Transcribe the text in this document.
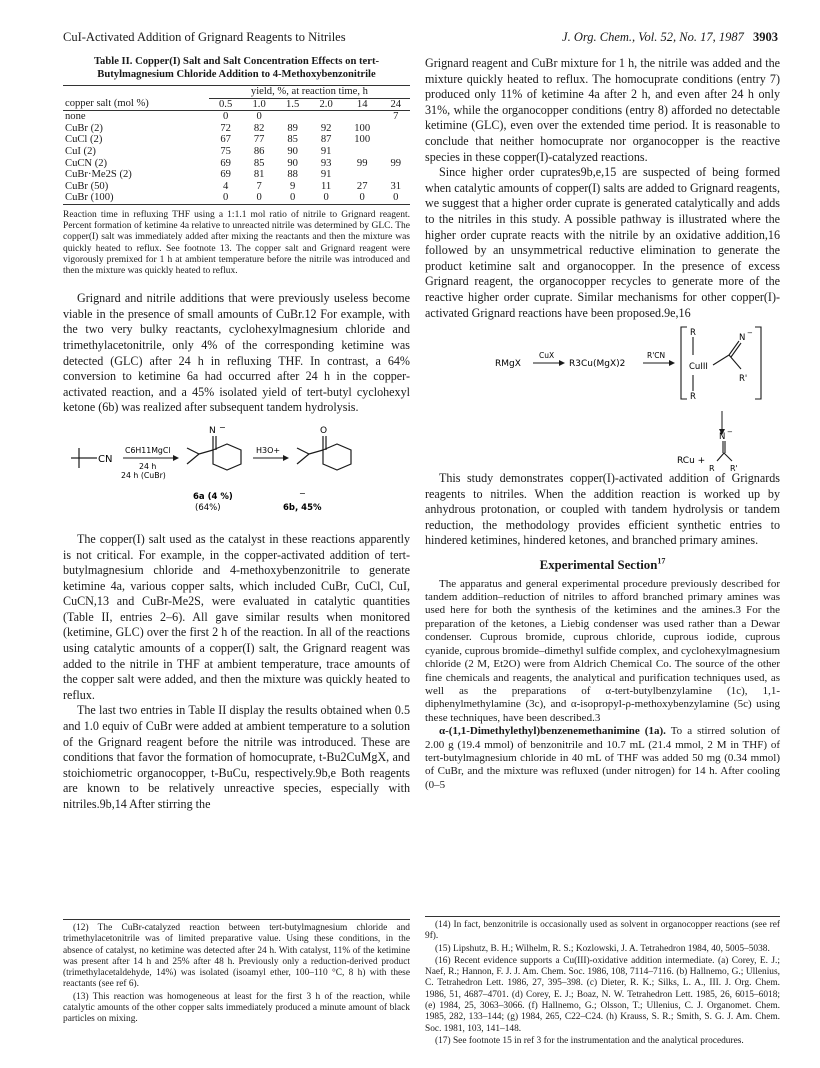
CuI-Activated Addition of Grignard Reagents to Nitriles	J. Org. Chem., Vol. 52, No. 17, 1987 3903
Table II. Copper(I) Salt and Salt Concentration Effects on tert-Butylmagnesium Chloride Addition to 4-Methoxybenzonitrile
	yield, %, at reaction time, h					
copper salt (mol %)	0.5	1.0	1.5	2.0	14	24
none	0	0				7
CuBr (2)	72	82	89	92	100	
CuCl (2)	67	77	85	87	100	
CuI (2)	75	86	90	91		
CuCN (2)	69	85	90	93	99	99
CuBr·Me2S (2)	69	81	88	91		
CuBr (50)	4	7	9	11	27	31
CuBr (100)	0	0	0	0	0	0
Reaction time in refluxing THF using a 1:1.1 mol ratio of nitrile to Grignard reagent. Percent formation of ketimine 4a relative to unreacted nitrile was determined by GLC. The copper(I) salt was immediately added after mixing the reactants and then the mixture was quickly heated to reflux. See footnote 13. The copper salt and Grignard reagent were vigorously premixed for 1 h at ambient temperature before the nitrile was introduced and then the mixture was quickly heated to reflux.

Grignard and nitrile additions that were previously useless become viable in the presence of small amounts of CuBr.12 For example, with the two very bulky reactants, cyclohexylmagnesium chloride and trimethylacetonitrile, only 4% of the corresponding ketimine was detected (GLC) after 24 h in refluxing THF. In contrast, a 64% conversion to ketimine 6a had occurred after 24 h in the copper-activated reaction, and a 45% isolated yield of tert-butyl cyclohexyl ketone (6b) was realized after subsequent tandem hydrolysis.

CN
C6H11MgCl
24 h
24 h (CuBr)
N −
H3O+
O
6a (4 %)
(64%)	6b, 45%
−

The copper(I) salt used as the catalyst in these reactions apparently is not critical. For example, in the copper-activated addition of tert-butylmagnesium chloride and 4-methoxybenzonitrile to generate ketimine 4a, various copper salts, which included CuBr, CuCl, CuI, CuCN,13 and CuBr-Me2S, were evaluated in catalytic quantities (Table II, entries 2–6). All gave similar results when monitored (ketimine, GLC) over the first 2 h of the reaction. In all of the reactions using catalytic amounts of a copper(I) salt, the Grignard reagent was added to the nitrile in THF at ambient temperature, trace amounts of the copper salt were added, and then the mixture was quickly heated to reflux.

The last two entries in Table II display the results obtained when 0.5 and 1.0 equiv of CuBr were added at ambient temperature to a solution of the Grignard reagent before the nitrile was introduced. These are conditions that favor the formation of homocuprate, t-Bu2CuMgX, and stoichiometric organocopper, t-BuCu, respectively.9b,e Both reagents are known to be relatively unreactive species, especially with nitriles.9b,14 After stirring the

Grignard reagent and CuBr mixture for 1 h, the nitrile was added and the mixture quickly heated to reflux. The homocuprate conditions (entry 7) produced only 11% of ketimine 4a after 2 h, and even after 24 h only 31%, while the organocopper conditions (entry 8) afforded no detectable ketimine (GLC), even over the extended time period. It is reasonable to conclude that neither homocuprate nor organocopper is the reactive species in these copper(I)-catalyzed reactions.

Since higher order cuprates9b,e,15 are suspected of being formed when catalytic amounts of copper(I) salts are added to Grignard reagents, we suggest that a higher order cuprate is generated catalytically and adds to the nitriles in this study. A possible pathway is illustrated where the higher order cuprate reacts with the nitrile by an oxidative addition,16 followed by an unsymmetrical reductive elimination to generate the product ketimine salt and organocopper. In the presence of excess Grignard reagent, the organocopper recycles to generate more of the reactive higher order cuprate. Similar mechanisms for other copper(I)-activated Grignard reactions have been proposed.9e,16

RMgX
CuX
R3Cu(MgX)2
R'CN
R
CuIII
R
N −
R'
RCu +
N −
R R'

This study demonstrates copper(I)-activated addition of Grignards reagents to nitriles. When the addition reaction is worked up by anhydrous protonation, or coupled with tandem hydrolysis or tandem reduction, the methodology provides efficient synthetic entries to hindered ketimines, hindered ketones, and branched primary amines.

Experimental Section$^{17}$

The apparatus and general experimental procedure previously described for tandem addition–reduction of nitriles to afford branched primary amines was used here for both the synthesis of the ketimines and the amines.3 For the preparation of the ketones, a Liebig condenser was used rather than a Dewar condenser. Cuprous bromide, cuprous chloride, cuprous iodide, cuprous cyanide, cuprous bromide–dimethyl sulfide complex, and cyclohexylmagnesium chloride (2 M, Et2O) were from Aldrich Chemical Co. The source of the other fine chemicals and reagents, the analytical and purification techniques used, as well as the preparations of α-tert-butylbenzylamine (1c), 1,1-diphenylmethylamine (3c), and α-isopropyl-ρ-methoxybenzylamine (5c) using these techniques, have been described.3

α-(1,1-Dimethylethyl)benzenemethanimine (1a). To a stirred solution of 2.00 g (19.4 mmol) of benzonitrile and 10.7 mL (21.4 mmol, 2 M in THF) of tert-butylmagnesium chloride in 40 mL of THF was added 50 mg (0.34 mmol) of CuBr, and the mixture was refluxed (under nitrogen) for 14 h. After cooling (0–5

(12) The CuBr-catalyzed reaction between tert-butylmagnesium chloride and trimethylacetonitrile was of limited preparative value. Using these conditions, in the absence of catalyst, no ketimine was detected after 24 h. With catalyst, 11% of the ketimine was present after 14 h and 25% after 48 h. Previously only a reduction-derived product (trimethylacetaldehyde, 14%) was isolated (isoamyl ether, 100–110 °C, 8 h) with these reactants (see ref 6).

(13) This reaction was homogeneous at least for the first 3 h of the reaction, while catalytic amounts of the other copper salts immediately produced a minute amount of black particles on mixing.

(14) In fact, benzonitrile is occasionally used as solvent in organocopper reactions (see ref 9f).

(15) Lipshutz, B. H.; Wilhelm, R. S.; Kozlowski, J. A. Tetrahedron 1984, 40, 5005–5038.

(16) Recent evidence supports a Cu(III)-oxidative addition intermediate. (a) Corey, E. J.; Naef, R.; Hannon, F. J. J. Am. Chem. Soc. 1986, 108, 7114–7116. (b) Hallnemo, G.; Ullenius, C. Tetrahedron Lett. 1986, 27, 395–398. (c) Dieter, R. K.; Silks, L. A., III. J. Org. Chem. 1986, 51, 4687–4701. (d) Corey, E. J.; Boaz, N. W. Tetrahedron Lett. 1985, 26, 6015–6018; (e) 1984, 25, 3063–3066. (f) Hallnemo, G.; Olsson, T.; Ullenius, C. J. Organomet. Chem. 1985, 282, 133–144; (g) 1984, 265, C22–C24. (h) Krauss, S. R.; Smith, S. G. J. Am. Chem. Soc. 1981, 103, 141–148.

(17) See footnote 15 in ref 3 for the instrumentation and the analytical procedures.
